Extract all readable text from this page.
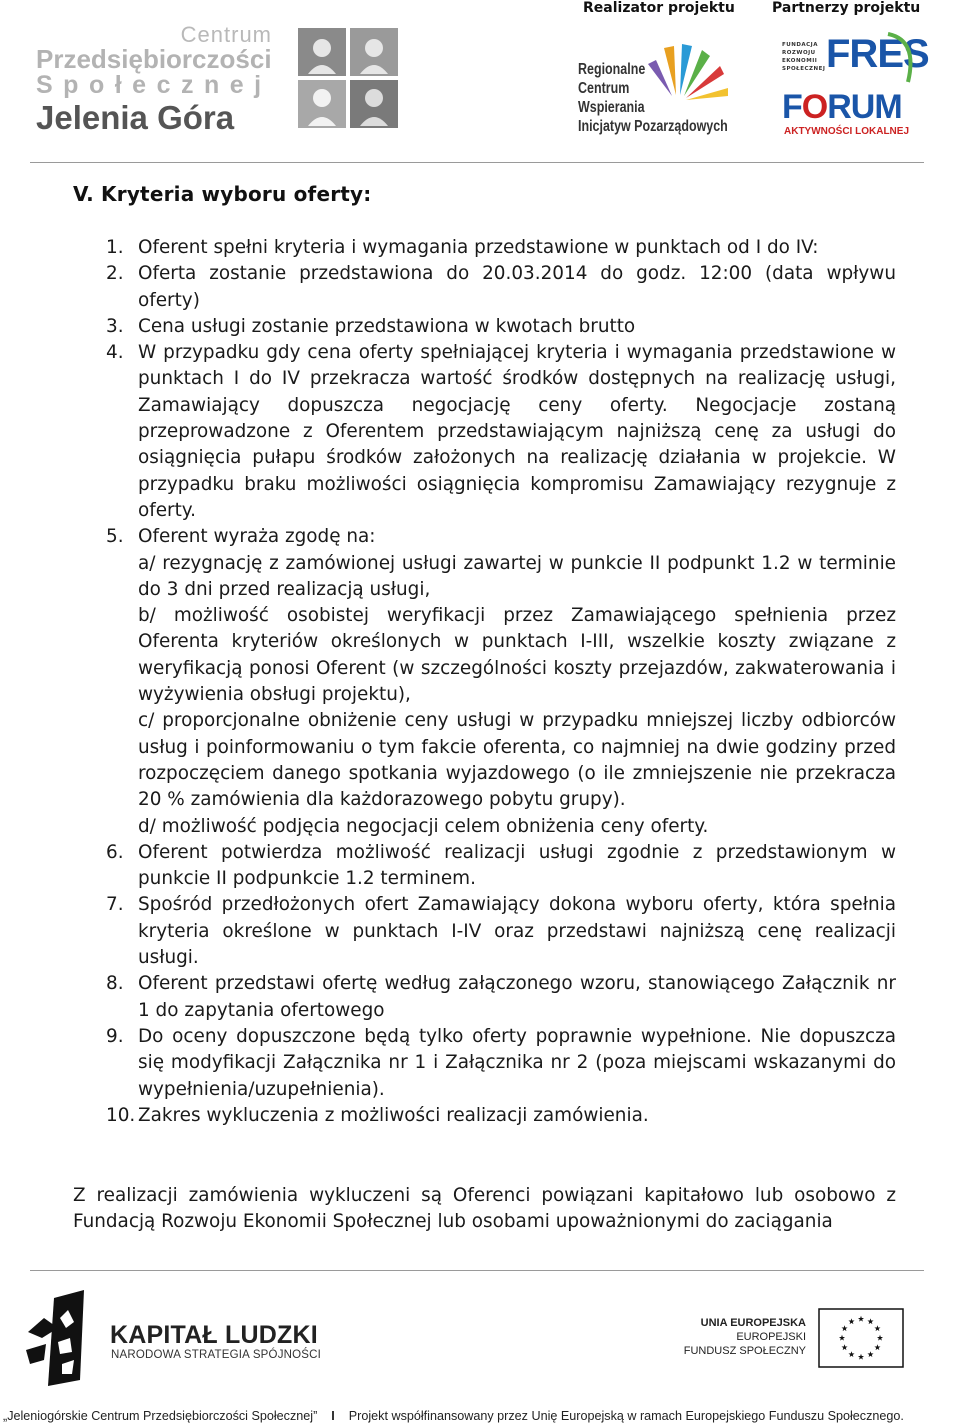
Centrum
Przedsiębiorczości
Społecznej
Jelenia Góra
Realizator projektu	Partnerzy projektu
Regionalne
Centrum
Wspierania
Inicjatyw Pozarządowych
FUNDACJA
ROZWOJU
EKONOMII
SPOŁECZNEJ FRES
FORUM
AKTYWNOŚCI LOKALNEJ
V. Kryteria wyboru oferty:
1. Oferent spełni kryteria i wymagania przedstawione w punktach od I do IV:

2. Oferta zostanie przedstawiona do 20.03.2014 do godz. 12:00 (data wpływu oferty)

3. Cena usługi zostanie przedstawiona w kwotach brutto

4. W przypadku gdy cena oferty spełniającej kryteria i wymagania przedstawione w punktach I do IV przekracza wartość środków dostępnych na realizację usługi, Zamawiający dopuszcza negocjację ceny oferty. Negocjacje zostaną przeprowadzone z Oferentem przedstawiającym najniższą cenę za usługi do osiągnięcia pułapu środków założonych na realizację działania w projekcie. W przypadku braku możliwości osiągnięcia kompromisu Zamawiający rezygnuje z oferty.

5. Oferent wyraża zgodę na:

a/ rezygnację z zamówionej usługi zawartej w punkcie II podpunkt 1.2 w terminie do 3 dni przed realizacją usługi,

b/ możliwość osobistej weryfikacji przez Zamawiającego spełnienia przez Oferenta kryteriów określonych w punktach I-III, wszelkie koszty związane z weryfikacją ponosi Oferent (w szczególności koszty przejazdów, zakwaterowania i wyżywienia obsługi projektu),

c/ proporcjonalne obniżenie ceny usługi w przypadku mniejszej liczby odbiorców usług i poinformowaniu o tym fakcie oferenta, co najmniej na dwie godziny przed rozpoczęciem danego spotkania wyjazdowego (o ile zmniejszenie nie przekracza 20 % zamówienia dla każdorazowego pobytu grupy).

d/ możliwość podjęcia negocjacji celem obniżenia ceny oferty.

6. Oferent potwierdza możliwość realizacji usługi zgodnie z przedstawionym w punkcie II podpunkcie 1.2 terminem.

7. Spośród przedłożonych ofert Zamawiający dokona wyboru oferty, która spełnia kryteria określone w punktach I-IV oraz przedstawi najniższą cenę realizacji usługi.

8. Oferent przedstawi ofertę według załączonego wzoru, stanowiącego Załącznik nr 1 do zapytania ofertowego

9. Do oceny dopuszczone będą tylko oferty poprawnie wypełnione. Nie dopuszcza się modyfikacji Załącznika nr 1 i Załącznika nr 2 (poza miejscami wskazanymi do wypełnienia/uzupełnienia).

10. Zakres wykluczenia z możliwości realizacji zamówienia.

Z realizacji zamówienia wykluczeni są Oferenci powiązani kapitałowo lub osobowo z Fundacją Rozwoju Ekonomii Społecznej lub osobami upoważnionymi do zaciągania
KAPITAŁ LUDZKI
NARODOWA STRATEGIA SPÓJNOŚCI
UNIA EUROPEJSKA
EUROPEJSKI
FUNDUSZ SPOŁECZNY
„Jeleniogórskie Centrum Przedsiębiorczości Społecznej” I Projekt współfinansowany przez Unię Europejską w ramach Europejskiego Funduszu Społecznego.
